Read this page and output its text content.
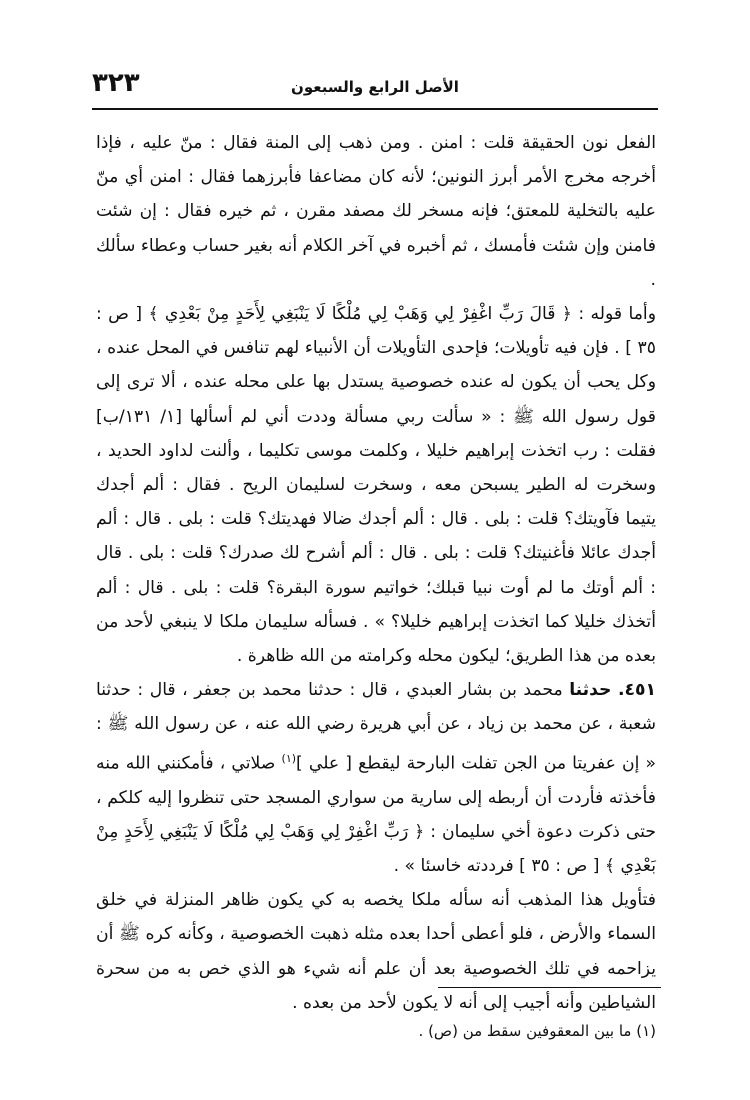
٣٢٣	الأصل الرابع والسبعون

الفعل نون الحقيقة قلت : امنن . ومن ذهب إلى المنة فقال : منّ عليه ، فإذا أخرجه مخرج الأمر أبرز النونين؛ لأنه كان مضاعفا فأبرزهما فقال : امنن أي منّ عليه بالتخلية للمعتق؛ فإنه مسخر لك مصفد مقرن ، ثم خيره فقال : إن شئت فامنن وإن شئت فأمسك ، ثم أخبره في آخر الكلام أنه بغير حساب وعطاء سألك .

وأما قوله : ﴿ قَالَ رَبِّ اغْفِرْ لِي وَهَبْ لِي مُلْكًا لَا يَنْبَغِي لِأَحَدٍ مِنْ بَعْدِي ﴾ [ ص : ٣٥ ] . فإن فيه تأويلات؛ فإحدى التأويلات أن الأنبياء لهم تنافس في المحل عنده ، وكل يحب أن يكون له عنده خصوصية يستدل بها على محله عنده ، ألا ترى إلى قول رسول الله ﷺ : « سألت ربي مسألة وددت أني لم أسألها [١/ ١٣١/ب] فقلت : رب اتخذت إبراهيم خليلا ، وكلمت موسى تكليما ، وألنت لداود الحديد ، وسخرت له الطير يسبحن معه ، وسخرت لسليمان الريح . فقال : ألم أجدك يتيما فآويتك؟ قلت : بلى . قال : ألم أجدك ضالا فهديتك؟ قلت : بلى . قال : ألم أجدك عائلا فأغنيتك؟ قلت : بلى . قال : ألم أشرح لك صدرك؟ قلت : بلى . قال : ألم أوتك ما لم أوت نبيا قبلك؛ خواتيم سورة البقرة؟ قلت : بلى . قال : ألم أتخذك خليلا كما اتخذت إبراهيم خليلا؟ » . فسأله سليمان ملكا لا ينبغي لأحد من بعده من هذا الطريق؛ ليكون محله وكرامته من الله ظاهرة .

٤٥١. حدثنا محمد بن بشار العبدي ، قال : حدثنا محمد بن جعفر ، قال : حدثنا شعبة ، عن محمد بن زياد ، عن أبي هريرة رضي الله عنه ، عن رسول الله ﷺ : « إن عفريتا من الجن تفلت البارحة ليقطع [ علي ]$^{(١)}$ صلاتي ، فأمكنني الله منه فأخذته فأردت أن أربطه إلى سارية من سواري المسجد حتى تنظروا إليه كلكم ، حتى ذكرت دعوة أخي سليمان : ﴿ رَبِّ اغْفِرْ لِي وَهَبْ لِي مُلْكًا لَا يَنْبَغِي لِأَحَدٍ مِنْ بَعْدِي ﴾ [ ص : ٣٥ ] فرددته خاسئا » .

فتأويل هذا المذهب أنه سأله ملكا يخصه به كي يكون ظاهر المنزلة في خلق السماء والأرض ، فلو أعطى أحدا بعده مثله ذهبت الخصوصية ، وكأنه كره ﷺ أن يزاحمه في تلك الخصوصية بعد أن علم أنه شيء هو الذي خص به من سحرة الشياطين وأنه أجيب إلى أنه لا يكون لأحد من بعده .

(١) ما بين المعقوفين سقط من (ص) .
